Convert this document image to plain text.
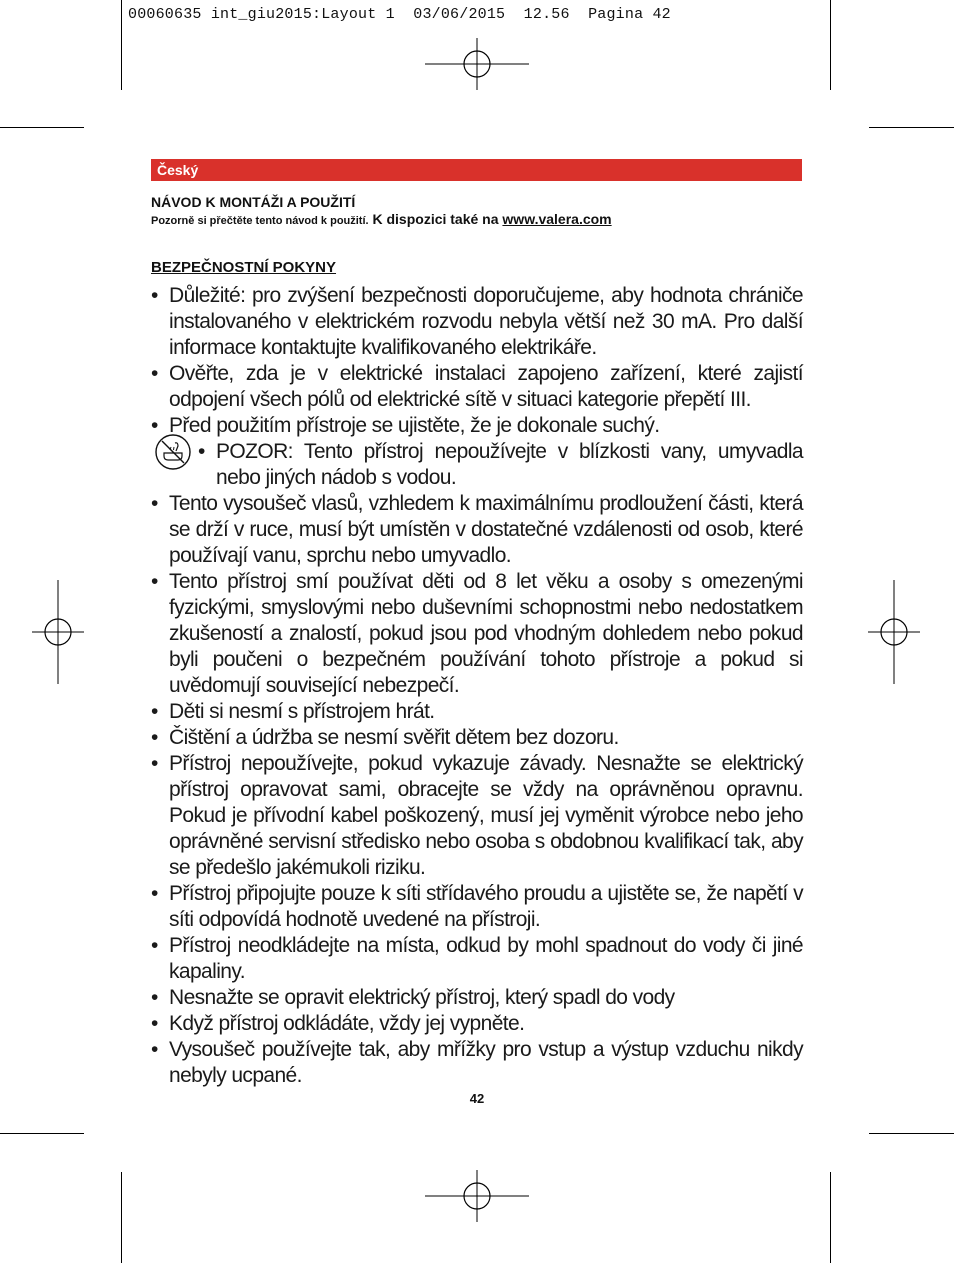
00060635 int_giu2015:Layout 1  03/06/2015  12.56  Pagina 42
Český
NÁVOD K MONTÁŽI A POUŽITÍ
Pozorně si přečtěte tento návod k použití. K dispozici také na www.valera.com
BEZPEČNOSTNÍ POKYNY
• Důležité: pro zvýšení bezpečnosti doporučujeme, aby hodnota chrániče instalovaného v elektrickém rozvodu nebyla větší než 30 mA. Pro další informace kontaktujte kvalifikovaného elektrikáře.
• Ověřte, zda je v elektrické instalaci zapojeno zařízení, které zajistí odpojení všech pólů od elektrické sítě v situaci kategorie přepětí III.
• Před použitím přístroje se ujistěte, že je dokonale suchý.
• POZOR: Tento přístroj nepoužívejte v blízkosti vany, umyvadla nebo jiných nádob s vodou.
• Tento vysoušeč vlasů, vzhledem k maximálnímu prodloužení části, která se drží v ruce, musí být umístěn v dostatečné vzdálenosti od osob, které používají vanu, sprchu nebo umyvadlo.
• Tento přístroj smí používat děti od 8 let věku a osoby s omezenými fyzickými, smyslovými nebo duševními schopnostmi nebo nedostatkem zkušeností a znalostí, pokud jsou pod vhodným dohledem nebo pokud byli poučeni o bezpečném používání tohoto přístroje a pokud si uvědomují související nebezpečí.
• Děti si nesmí s přístrojem hrát.
• Čištění a údržba se nesmí svěřit dětem bez dozoru.
• Přístroj nepoužívejte, pokud vykazuje závady. Nesnažte se elektrický přístroj opravovat sami, obracejte se vždy na oprávněnou opravnu. Pokud je přívodní kabel poškozený, musí jej vyměnit výrobce nebo jeho oprávněné servisní středisko nebo osoba s obdobnou kvalifikací tak, aby se předešlo jakémukoli riziku.
• Přístroj připojujte pouze k síti střídavého proudu a ujistěte se, že napětí v síti odpovídá hodnotě uvedené na přístroji.
• Přístroj neodkládejte na místa, odkud by mohl spadnout do vody či jiné kapaliny.
• Nesnažte se opravit elektrický přístroj, který spadl do vody
• Když přístroj odkládáte, vždy jej vypněte.
• Vysoušeč používejte tak, aby mřížky pro vstup a výstup vzduchu nikdy nebyly ucpané.
42
